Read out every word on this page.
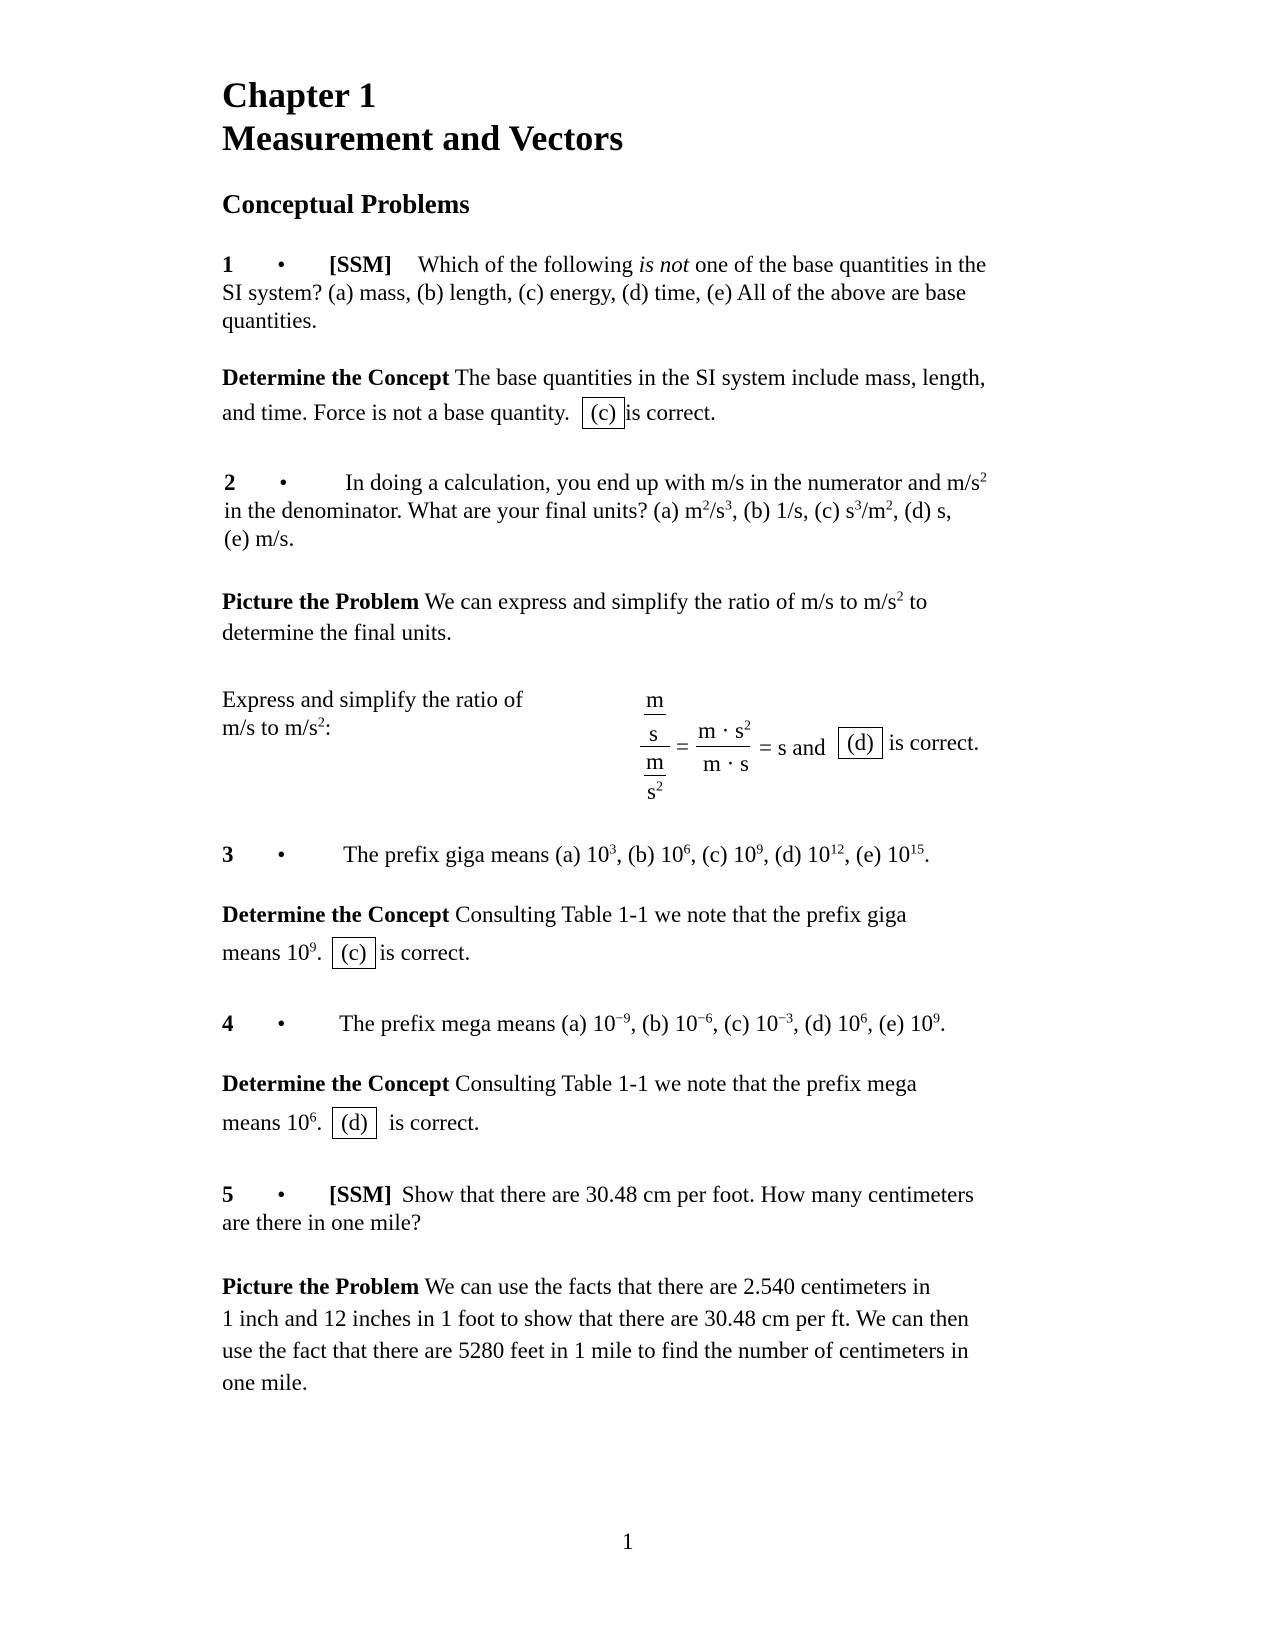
Chapter 1
Measurement and Vectors
Conceptual Problems
1 • [SSM] Which of the following is not one of the base quantities in the
SI system? (a) mass, (b) length, (c) energy, (d) time, (e) All of the above are base
quantities.
Determine the Concept The base quantities in the SI system include mass, length,
and time. Force is not a base quantity. (c) is correct.
2 •	In doing a calculation, you end up with m/s in the numerator and $m/s^2$
in the denominator. What are your final units? (a) $m^2/s^3$, (b) 1/s, (c) $s^3/m^2$, (d) s,
(e) m/s.
Picture the Problem We can express and simplify the ratio of m/s to $m/s^2$ to
determine the final units.
Express and simplify the ratio of
m/s to $m/s^2$:
m
s
m
$s^2$
=
$m \cdot s^2$
m · s
= s and (d) is correct.
3 •	The prefix giga means (a) $10^3$, (b) $10^6$, (c) $10^9$, (d) $10^{12}$, (e) $10^{15}$.
Determine the Concept Consulting Table 1-1 we note that the prefix giga
means $10^9$. (c) is correct.
4 • The prefix mega means (a) $10^{-9}$, (b) $10^{-6}$, (c) $10^{-3}$, (d) $10^6$, (e) $10^9$.
Determine the Concept Consulting Table 1-1 we note that the prefix mega
means $10^6$. (d) is correct.
5 • [SSM] Show that there are 30.48 cm per foot. How many centimeters
are there in one mile?
Picture the Problem We can use the facts that there are 2.540 centimeters in
1 inch and 12 inches in 1 foot to show that there are 30.48 cm per ft. We can then
use the fact that there are 5280 feet in 1 mile to find the number of centimeters in
one mile.
1
